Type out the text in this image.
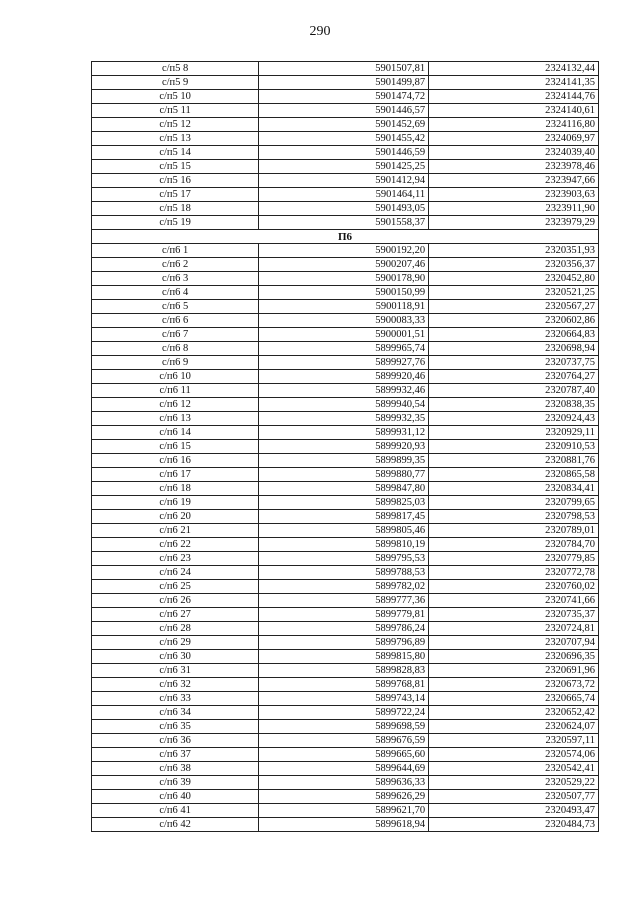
290
с/п5 8	5901507,81	2324132,44
с/п5 9	5901499,87	2324141,35
с/п5 10	5901474,72	2324144,76
с/п5 11	5901446,57	2324140,61
с/п5 12	5901452,69	2324116,80
с/п5 13	5901455,42	2324069,97
с/п5 14	5901446,59	2324039,40
с/п5 15	5901425,25	2323978,46
с/п5 16	5901412,94	2323947,66
с/п5 17	5901464,11	2323903,63
с/п5 18	5901493,05	2323911,90
с/п5 19	5901558,37	2323979,29
П6		
с/п6 1	5900192,20	2320351,93
с/п6 2	5900207,46	2320356,37
с/п6 3	5900178,90	2320452,80
с/п6 4	5900150,99	2320521,25
с/п6 5	5900118,91	2320567,27
с/п6 6	5900083,33	2320602,86
с/п6 7	5900001,51	2320664,83
с/п6 8	5899965,74	2320698,94
с/п6 9	5899927,76	2320737,75
с/п6 10	5899920,46	2320764,27
с/п6 11	5899932,46	2320787,40
с/п6 12	5899940,54	2320838,35
с/п6 13	5899932,35	2320924,43
с/п6 14	5899931,12	2320929,11
с/п6 15	5899920,93	2320910,53
с/п6 16	5899899,35	2320881,76
с/п6 17	5899880,77	2320865,58
с/п6 18	5899847,80	2320834,41
с/п6 19	5899825,03	2320799,65
с/п6 20	5899817,45	2320798,53
с/п6 21	5899805,46	2320789,01
с/п6 22	5899810,19	2320784,70
с/п6 23	5899795,53	2320779,85
с/п6 24	5899788,53	2320772,78
с/п6 25	5899782,02	2320760,02
с/п6 26	5899777,36	2320741,66
с/п6 27	5899779,81	2320735,37
с/п6 28	5899786,24	2320724,81
с/п6 29	5899796,89	2320707,94
с/п6 30	5899815,80	2320696,35
с/п6 31	5899828,83	2320691,96
с/п6 32	5899768,81	2320673,72
с/п6 33	5899743,14	2320665,74
с/п6 34	5899722,24	2320652,42
с/п6 35	5899698,59	2320624,07
с/п6 36	5899676,59	2320597,11
с/п6 37	5899665,60	2320574,06
с/п6 38	5899644,69	2320542,41
с/п6 39	5899636,33	2320529,22
с/п6 40	5899626,29	2320507,77
с/п6 41	5899621,70	2320493,47
с/п6 42	5899618,94	2320484,73
